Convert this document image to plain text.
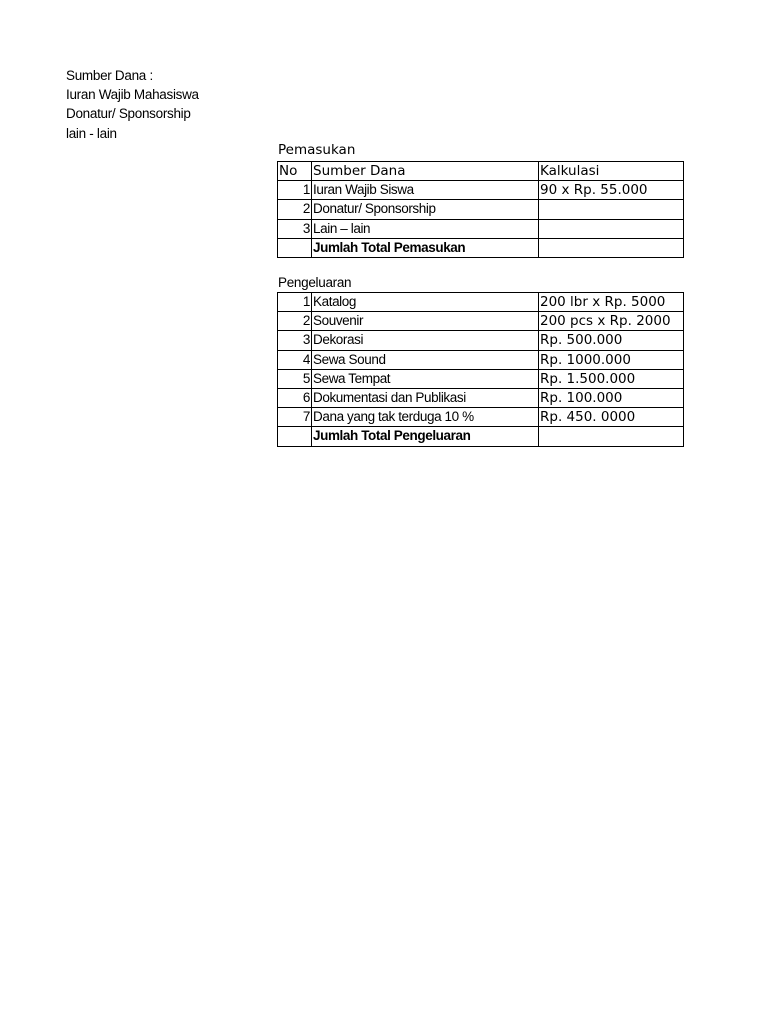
Sumber Dana :
Iuran Wajib Mahasiswa
Donatur/ Sponsorship
lain - lain
Pemasukan
No	Sumber Dana	Kalkulasi
1	Iuran Wajib Siswa	90 x Rp. 55.000
2	Donatur/ Sponsorship	
3	Lain – lain	
	Jumlah Total Pemasukan	
Pengeluaran
1	Katalog	200 lbr x Rp. 5000
2	Souvenir	200 pcs x Rp. 2000
3	Dekorasi	Rp. 500.000
4	Sewa Sound	Rp. 1000.000
5	Sewa Tempat	Rp. 1.500.000
6	Dokumentasi dan Publikasi	Rp. 100.000
7	Dana yang tak terduga 10 %	Rp. 450. 0000
	Jumlah Total Pengeluaran	
